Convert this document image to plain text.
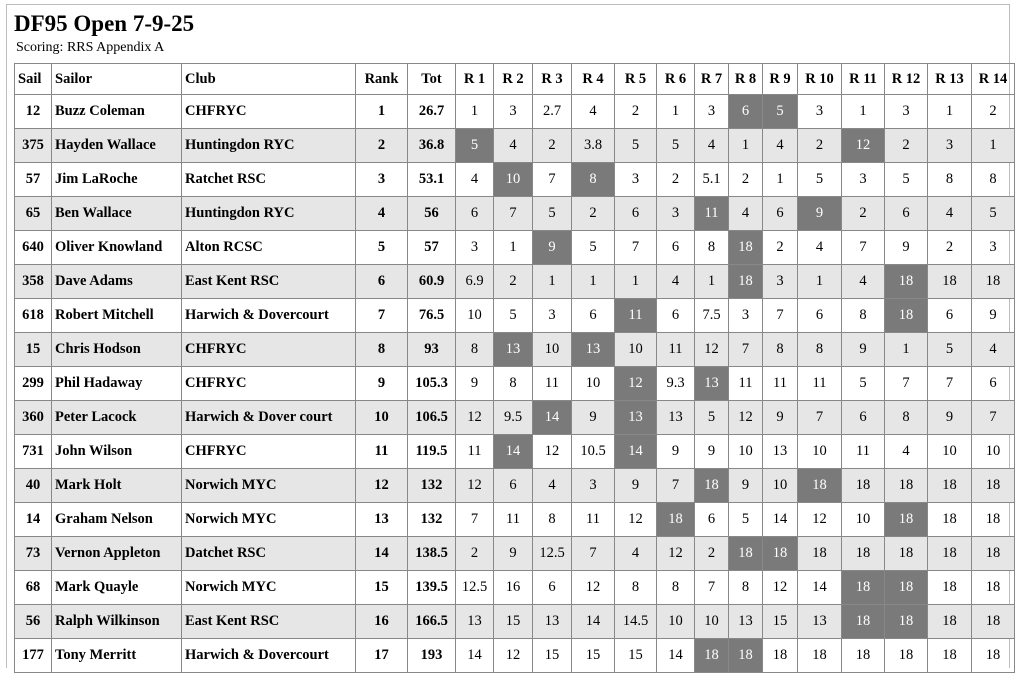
DF95 Open 7-9-25
Scoring: RRS Appendix A
Sail	Sailor	Club	Rank	Tot	R 1	R 2	R 3	R 4	R 5	R 6	R 7	R 8	R 9	R 10	R 11	R 12	R 13	R 14
12	Buzz Coleman	CHFRYC	1	26.7	1	3	2.7	4	2	1	3	6	5	3	1	3	1	2
375	Hayden Wallace	Huntingdon RYC	2	36.8	5	4	2	3.8	5	5	4	1	4	2	12	2	3	1
57	Jim LaRoche	Ratchet RSC	3	53.1	4	10	7	8	3	2	5.1	2	1	5	3	5	8	8
65	Ben Wallace	Huntingdon RYC	4	56	6	7	5	2	6	3	11	4	6	9	2	6	4	5
640	Oliver Knowland	Alton RCSC	5	57	3	1	9	5	7	6	8	18	2	4	7	9	2	3
358	Dave Adams	East Kent RSC	6	60.9	6.9	2	1	1	1	4	1	18	3	1	4	18	18	18
618	Robert Mitchell	Harwich & Dovercourt	7	76.5	10	5	3	6	11	6	7.5	3	7	6	8	18	6	9
15	Chris Hodson	CHFRYC	8	93	8	13	10	13	10	11	12	7	8	8	9	1	5	4
299	Phil Hadaway	CHFRYC	9	105.3	9	8	11	10	12	9.3	13	11	11	11	5	7	7	6
360	Peter Lacock	Harwich & Dover court	10	106.5	12	9.5	14	9	13	13	5	12	9	7	6	8	9	7
731	John Wilson	CHFRYC	11	119.5	11	14	12	10.5	14	9	9	10	13	10	11	4	10	10
40	Mark Holt	Norwich MYC	12	132	12	6	4	3	9	7	18	9	10	18	18	18	18	18
14	Graham Nelson	Norwich MYC	13	132	7	11	8	11	12	18	6	5	14	12	10	18	18	18
73	Vernon Appleton	Datchet RSC	14	138.5	2	9	12.5	7	4	12	2	18	18	18	18	18	18	18
68	Mark Quayle	Norwich MYC	15	139.5	12.5	16	6	12	8	8	7	8	12	14	18	18	18	18
56	Ralph Wilkinson	East Kent RSC	16	166.5	13	15	13	14	14.5	10	10	13	15	13	18	18	18	18
177	Tony Merritt	Harwich & Dovercourt	17	193	14	12	15	15	15	14	18	18	18	18	18	18	18	18
